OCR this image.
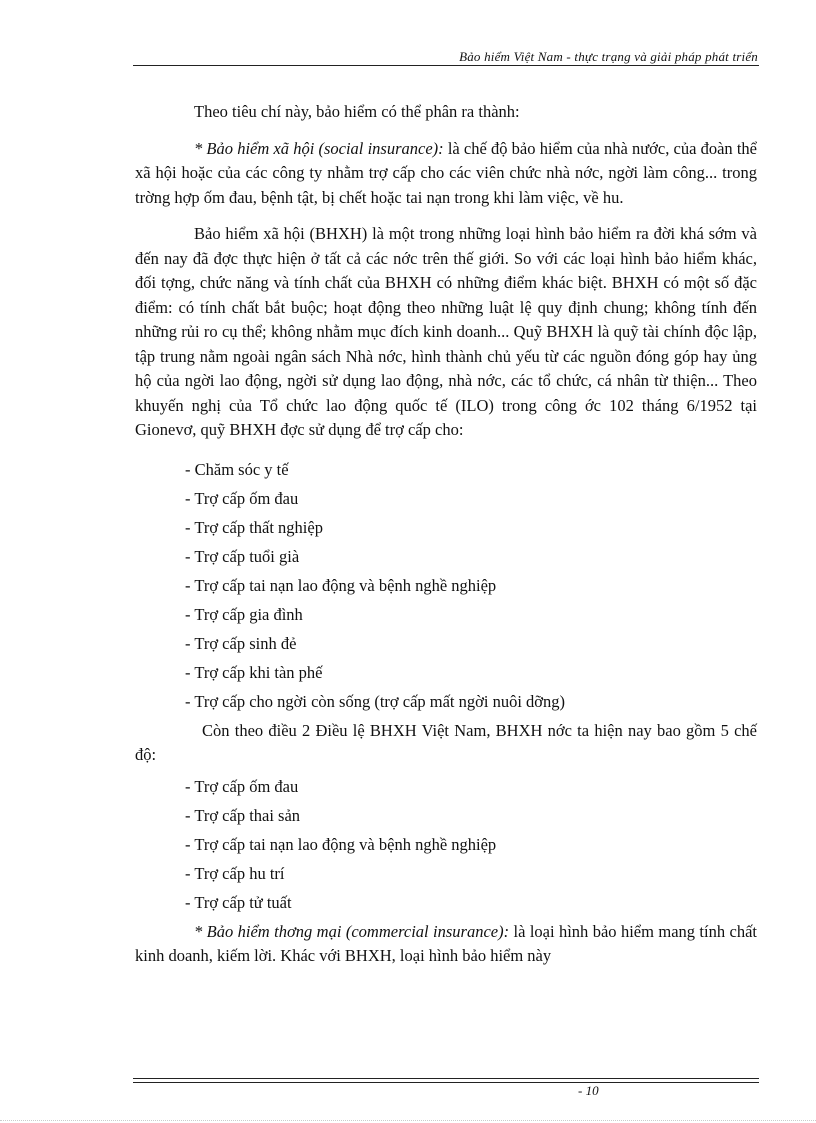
Bảo hiểm Việt Nam - thực trạng và giải pháp phát triển

Theo tiêu chí này, bảo hiểm có thể phân ra thành:

* Bảo hiểm xã hội (social insurance): là chế độ bảo hiểm của nhà nước, của đoàn thể xã hội hoặc của các công ty nhằm trợ cấp cho các viên chức nhà nớc, ngời làm công... trong trờng hợp ốm đau, bệnh tật, bị chết hoặc tai nạn trong khi làm việc, về hu.

Bảo hiểm xã hội (BHXH) là một trong những loại hình bảo hiểm ra đời khá sớm và đến nay đã đợc thực hiện ở tất cả các nớc trên thế giới. So với các loại hình bảo hiểm khác, đối tợng, chức năng và tính chất của BHXH có những điểm khác biệt. BHXH có một số đặc điểm: có tính chất bắt buộc; hoạt động theo những luật lệ quy định chung; không tính đến những rủi ro cụ thể; không nhằm mục đích kinh doanh... Quỹ BHXH là quỹ tài chính độc lập, tập trung nằm ngoài ngân sách Nhà nớc, hình thành chủ yếu từ các nguồn đóng góp hay ủng hộ của ngời lao động, ngời sử dụng lao động, nhà nớc, các tổ chức, cá nhân từ thiện... Theo khuyến nghị của Tổ chức lao động quốc tế (ILO) trong công ớc 102 tháng 6/1952 tại Gionevơ, quỹ BHXH đợc sử dụng để trợ cấp cho:

- Chăm sóc y tế
- Trợ cấp ốm đau
- Trợ cấp thất nghiệp
- Trợ cấp tuổi già
- Trợ cấp tai nạn lao động và bệnh nghề nghiệp
- Trợ cấp gia đình
- Trợ cấp sinh đẻ
- Trợ cấp khi tàn phế
- Trợ cấp cho ngời còn sống (trợ cấp mất ngời nuôi dỡng)

Còn theo điều 2 Điều lệ BHXH Việt Nam, BHXH nớc ta hiện nay bao gồm 5 chế độ:

- Trợ cấp ốm đau
- Trợ cấp thai sản
- Trợ cấp tai nạn lao động và bệnh nghề nghiệp
- Trợ cấp hu trí
- Trợ cấp tử tuất

* Bảo hiểm thơng mại (commercial insurance): là loại hình bảo hiểm mang tính chất kinh doanh, kiếm lời. Khác với BHXH, loại hình bảo hiểm này

- 10
